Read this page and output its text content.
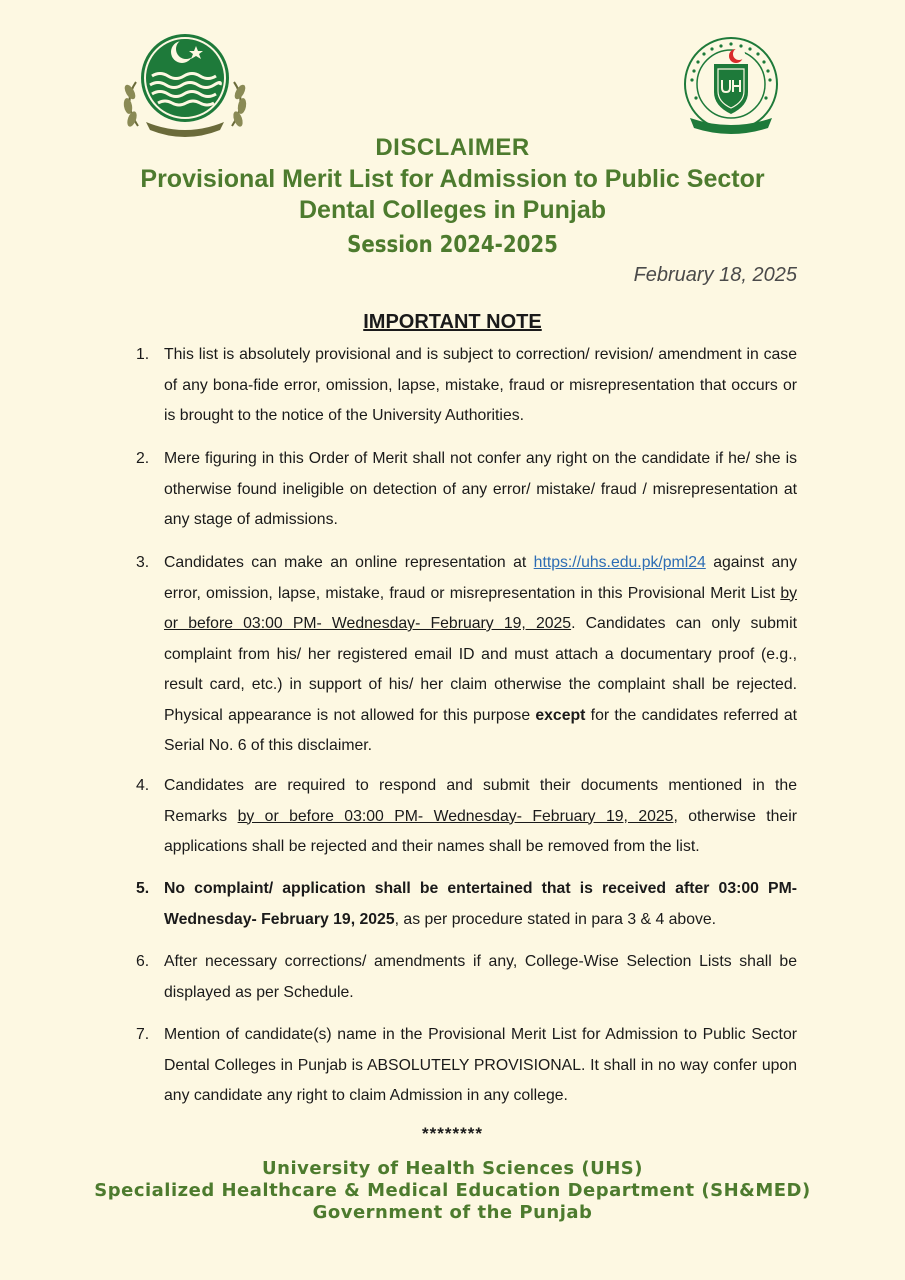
DISCLAIMER
Provisional Merit List for Admission to Public Sector
Dental Colleges in Punjab
Session 2024-2025
February 18, 2025
IMPORTANT NOTE
1. This list is absolutely provisional and is subject to correction/ revision/ amendment in case of any bona-fide error, omission, lapse, mistake, fraud or misrepresentation that occurs or is brought to the notice of the University Authorities.
2. Mere figuring in this Order of Merit shall not confer any right on the candidate if he/ she is otherwise found ineligible on detection of any error/ mistake/ fraud / misrepresentation at any stage of admissions.
3. Candidates can make an online representation at https://uhs.edu.pk/pml24 against any error, omission, lapse, mistake, fraud or misrepresentation in this Provisional Merit List by or before 03:00 PM- Wednesday- February 19, 2025. Candidates can only submit complaint from his/ her registered email ID and must attach a documentary proof (e.g., result card, etc.) in support of his/ her claim otherwise the complaint shall be rejected. Physical appearance is not allowed for this purpose except for the candidates referred at Serial No. 6 of this disclaimer.
4. Candidates are required to respond and submit their documents mentioned in the Remarks by or before 03:00 PM- Wednesday- February 19, 2025, otherwise their applications shall be rejected and their names shall be removed from the list.
5. No complaint/ application shall be entertained that is received after 03:00 PM- Wednesday- February 19, 2025, as per procedure stated in para 3 & 4 above.
6. After necessary corrections/ amendments if any, College-Wise Selection Lists shall be displayed as per Schedule.
7. Mention of candidate(s) name in the Provisional Merit List for Admission to Public Sector Dental Colleges in Punjab is ABSOLUTELY PROVISIONAL. It shall in no way confer upon any candidate any right to claim Admission in any college.
********
University of Health Sciences (UHS)
Specialized Healthcare & Medical Education Department (SH&MED)
Government of the Punjab
